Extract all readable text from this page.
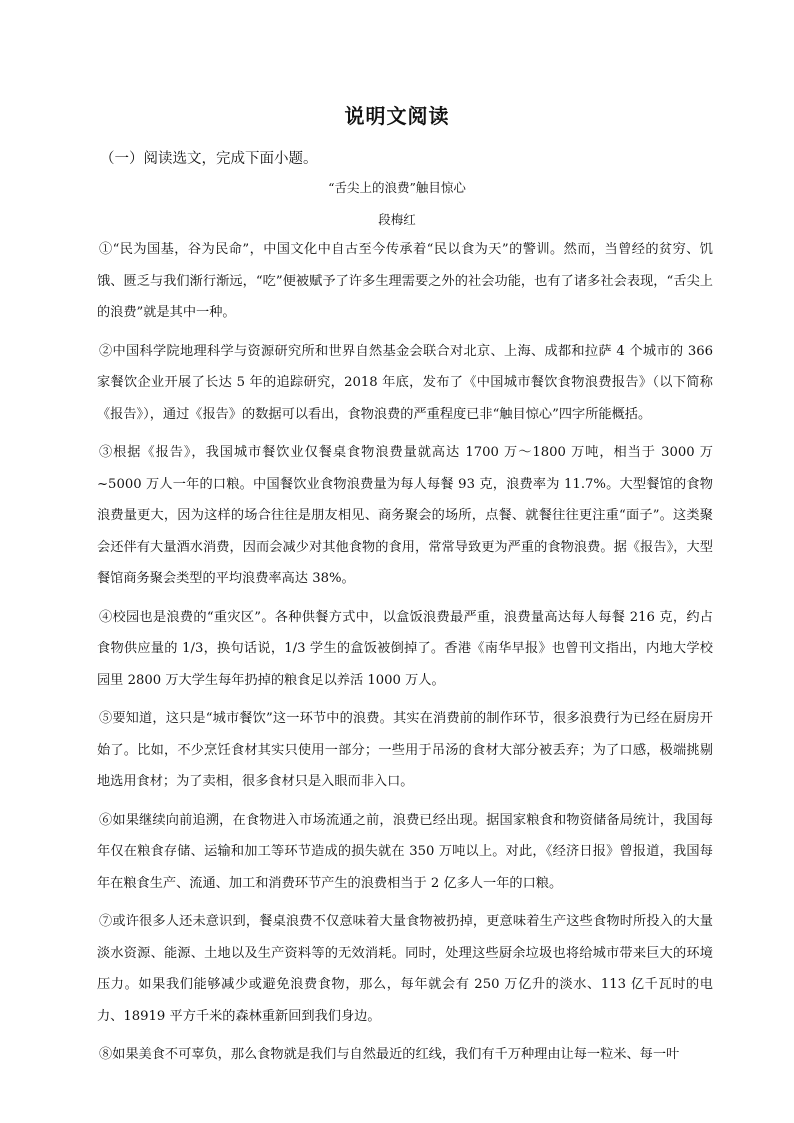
说明文阅读

（一）阅读选文，完成下面小题。

“舌尖上的浪费”触目惊心

段梅红

①“民为国基，谷为民命”，中国文化中自古至今传承着“民以食为天”的警训。然而，当曾经的贫穷、饥饿、匮乏与我们渐行渐远，“吃”便被赋予了许多生理需要之外的社会功能，也有了诸多社会表现，“舌尖上的浪费”就是其中一种。

②中国科学院地理科学与资源研究所和世界自然基金会联合对北京、上海、成都和拉萨 4 个城市的 366 家餐饮企业开展了长达 5 年的追踪研究，2018 年底，发布了《中国城市餐饮食物浪费报告》（以下简称《报告》），通过《报告》的数据可以看出，食物浪费的严重程度已非“触目惊心”四字所能概括。

③根据《报告》，我国城市餐饮业仅餐桌食物浪费量就高达 1700 万～1800 万吨，相当于 3000 万~5000 万人一年的口粮。中国餐饮业食物浪费量为每人每餐 93 克，浪费率为 11.7%。大型餐馆的食物浪费量更大，因为这样的场合往往是朋友相见、商务聚会的场所，点餐、就餐往往更注重“面子”。这类聚会还伴有大量酒水消费，因而会减少对其他食物的食用，常常导致更为严重的食物浪费。据《报告》，大型餐馆商务聚会类型的平均浪费率高达 38%。

④校园也是浪费的“重灾区”。各种供餐方式中，以盒饭浪费最严重，浪费量高达每人每餐 216 克，约占食物供应量的 1/3，换句话说，1/3 学生的盒饭被倒掉了。香港《南华早报》也曾刊文指出，内地大学校园里 2800 万大学生每年扔掉的粮食足以养活 1000 万人。

⑤要知道，这只是“城市餐饮”这一环节中的浪费。其实在消费前的制作环节，很多浪费行为已经在厨房开始了。比如，不少烹饪食材其实只使用一部分；一些用于吊汤的食材大部分被丢弃；为了口感，极端挑剔地选用食材；为了卖相，很多食材只是入眼而非入口。

⑥如果继续向前追溯，在食物进入市场流通之前，浪费已经出现。据国家粮食和物资储备局统计，我国每年仅在粮食存储、运输和加工等环节造成的损失就在 350 万吨以上。对此，《经济日报》曾报道，我国每年在粮食生产、流通、加工和消费环节产生的浪费相当于 2 亿多人一年的口粮。

⑦或许很多人还未意识到，餐桌浪费不仅意味着大量食物被扔掉，更意味着生产这些食物时所投入的大量淡水资源、能源、土地以及生产资料等的无效消耗。同时，处理这些厨余垃圾也将给城市带来巨大的环境压力。如果我们能够减少或避免浪费食物，那么，每年就会有 250 万亿升的淡水、113 亿千瓦时的电力、18919 平方千米的森林重新回到我们身边。

⑧如果美食不可辜负，那么食物就是我们与自然最近的红线，我们有千万种理由让每一粒米、每一叶
